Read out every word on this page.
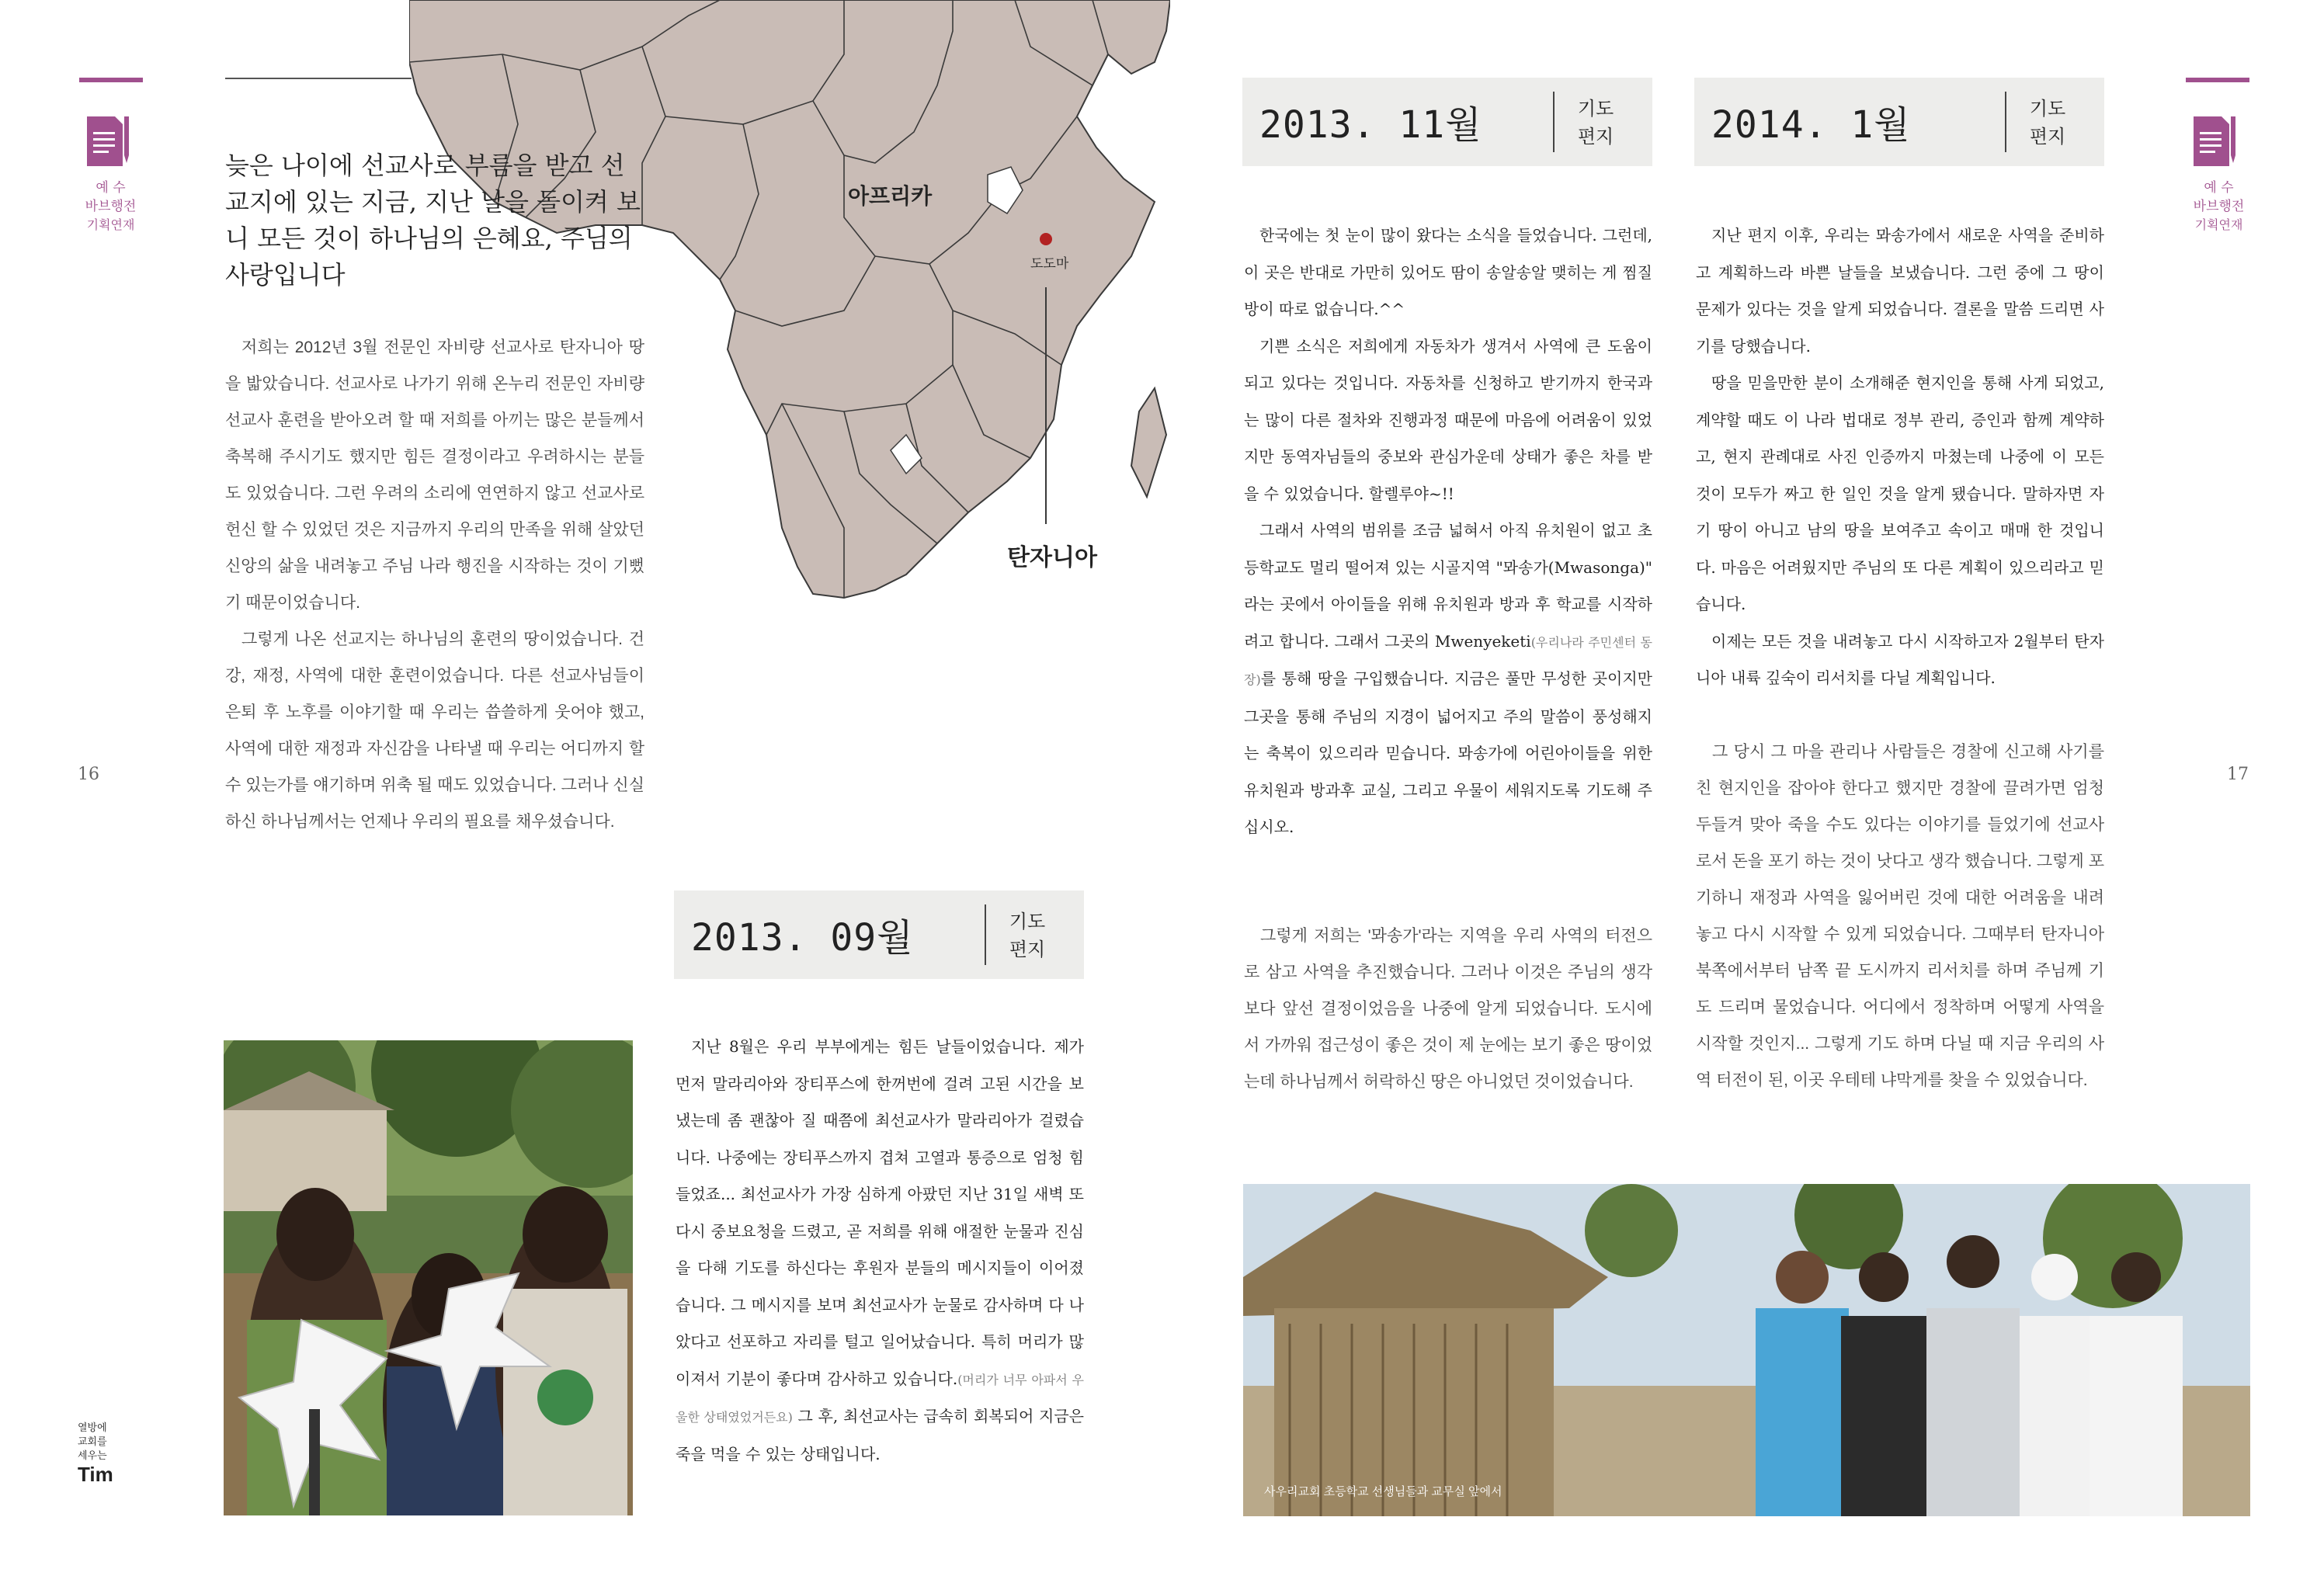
예 수
바브행전
기획연재
16
예 수
바브행전
기획연재
17
아프리카
도도마
탄자니아
늦은 나이에 선교사로 부름을 받고 선교지에 있는 지금, 지난 날을 돌이켜 보니 모든 것이 하나님의 은혜요, 주님의 사랑입니다

저희는 2012년 3월 전문인 자비량 선교사로 탄자니아 땅을 밟았습니다. 선교사로 나가기 위해 온누리 전문인 자비량 선교사 훈련을 받아오려 할 때 저희를 아끼는 많은 분들께서 축복해 주시기도 했지만 힘든 결정이라고 우려하시는 분들도 있었습니다. 그런 우려의 소리에 연연하지 않고 선교사로 헌신 할 수 있었던 것은 지금까지 우리의 만족을 위해 살았던 신앙의 삶을 내려놓고 주님 나라 행진을 시작하는 것이 기뻤기 때문이었습니다.

그렇게 나온 선교지는 하나님의 훈련의 땅이었습니다. 건강, 재정, 사역에 대한 훈련이었습니다. 다른 선교사님들이 은퇴 후 노후를 이야기할 때 우리는 씁쓸하게 웃어야 했고, 사역에 대한 재정과 자신감을 나타낼 때 우리는 어디까지 할 수 있는가를 얘기하며 위축 될 때도 있었습니다. 그러나 신실하신 하나님께서는 언제나 우리의 필요를 채우셨습니다.

2013. 09월	기도
편지

지난 8월은 우리 부부에게는 힘든 날들이었습니다. 제가 먼저 말라리아와 장티푸스에 한꺼번에 걸려 고된 시간을 보냈는데 좀 괜찮아 질 때쯤에 최선교사가 말라리아가 걸렸습니다. 나중에는 장티푸스까지 겹쳐 고열과 통증으로 엄청 힘들었죠... 최선교사가 가장 심하게 아팠던 지난 31일 새벽 또다시 중보요청을 드렸고, 곧 저희를 위해 애절한 눈물과 진심을 다해 기도를 하신다는 후원자 분들의 메시지들이 이어졌습니다. 그 메시지를 보며 최선교사가 눈물로 감사하며 다 나았다고 선포하고 자리를 털고 일어났습니다. 특히 머리가 많이져서 기분이 좋다며 감사하고 있습니다.(머리가 너무 아파서 우울한 상태였었거든요) 그 후, 최선교사는 급속히 회복되어 지금은 죽을 먹을 수 있는 상태입니다.

2013. 11월	기도
편지	2014. 1월	기도
편지

한국에는 첫 눈이 많이 왔다는 소식을 들었습니다. 그런데, 이 곳은 반대로 가만히 있어도 땀이 송알송알 맺히는 게 찜질방이 따로 없습니다.^^

기쁜 소식은 저희에게 자동차가 생겨서 사역에 큰 도움이 되고 있다는 것입니다. 자동차를 신청하고 받기까지 한국과는 많이 다른 절차와 진행과정 때문에 마음에 어려움이 있었지만 동역자님들의 중보와 관심가운데 상태가 좋은 차를 받을 수 있었습니다. 할렐루야~!!

그래서 사역의 범위를 조금 넓혀서 아직 유치원이 없고 초등학교도 멀리 떨어져 있는 시골지역 "뫄송가(Mwasonga)" 라는 곳에서 아이들을 위해 유치원과 방과 후 학교를 시작하려고 합니다. 그래서 그곳의 Mwenyeketi(우리나라 주민센터 동장)를 통해 땅을 구입했습니다. 지금은 풀만 무성한 곳이지만 그곳을 통해 주님의 지경이 넓어지고 주의 말씀이 풍성해지는 축복이 있으리라 믿습니다. 뫄송가에 어린아이들을 위한 유치원과 방과후 교실, 그리고 우물이 세워지도록 기도해 주십시오.

그렇게 저희는 '뫄송가'라는 지역을 우리 사역의 터전으로 삼고 사역을 추진했습니다. 그러나 이것은 주님의 생각보다 앞선 결정이었음을 나중에 알게 되었습니다. 도시에서 가까워 접근성이 좋은 것이 제 눈에는 보기 좋은 땅이었는데 하나님께서 허락하신 땅은 아니었던 것이었습니다.

지난 편지 이후, 우리는 뫄송가에서 새로운 사역을 준비하고 계획하느라 바쁜 날들을 보냈습니다. 그런 중에 그 땅이 문제가 있다는 것을 알게 되었습니다. 결론을 말씀 드리면 사기를 당했습니다.

땅을 믿을만한 분이 소개해준 현지인을 통해 사게 되었고, 계약할 때도 이 나라 법대로 정부 관리, 증인과 함께 계약하고, 현지 관례대로 사진 인증까지 마쳤는데 나중에 이 모든 것이 모두가 짜고 한 일인 것을 알게 됐습니다. 말하자면 자기 땅이 아니고 남의 땅을 보여주고 속이고 매매 한 것입니다. 마음은 어려웠지만 주님의 또 다른 계획이 있으리라고 믿습니다.

이제는 모든 것을 내려놓고 다시 시작하고자 2월부터 탄자니아 내륙 깊숙이 리서치를 다닐 계획입니다.

그 당시 그 마을 관리나 사람들은 경찰에 신고해 사기를 친 현지인을 잡아야 한다고 했지만 경찰에 끌려가면 엄청 두들겨 맞아 죽을 수도 있다는 이야기를 들었기에 선교사로서 돈을 포기 하는 것이 낫다고 생각 했습니다. 그렇게 포기하니 재정과 사역을 잃어버린 것에 대한 어려움을 내려놓고 다시 시작할 수 있게 되었습니다. 그때부터 탄자니아 북쪽에서부터 남쪽 끝 도시까지 리서치를 하며 주님께 기도 드리며 물었습니다. 어디에서 정착하며 어떻게 사역을 시작할 것인지... 그렇게 기도 하며 다닐 때 지금 우리의 사역 터전이 된, 이곳 우테테 냐막게를 찾을 수 있었습니다.

사우리교회 초등학교 선생님들과 교무실 앞에서
열방에
교회를
세우는
Tim
